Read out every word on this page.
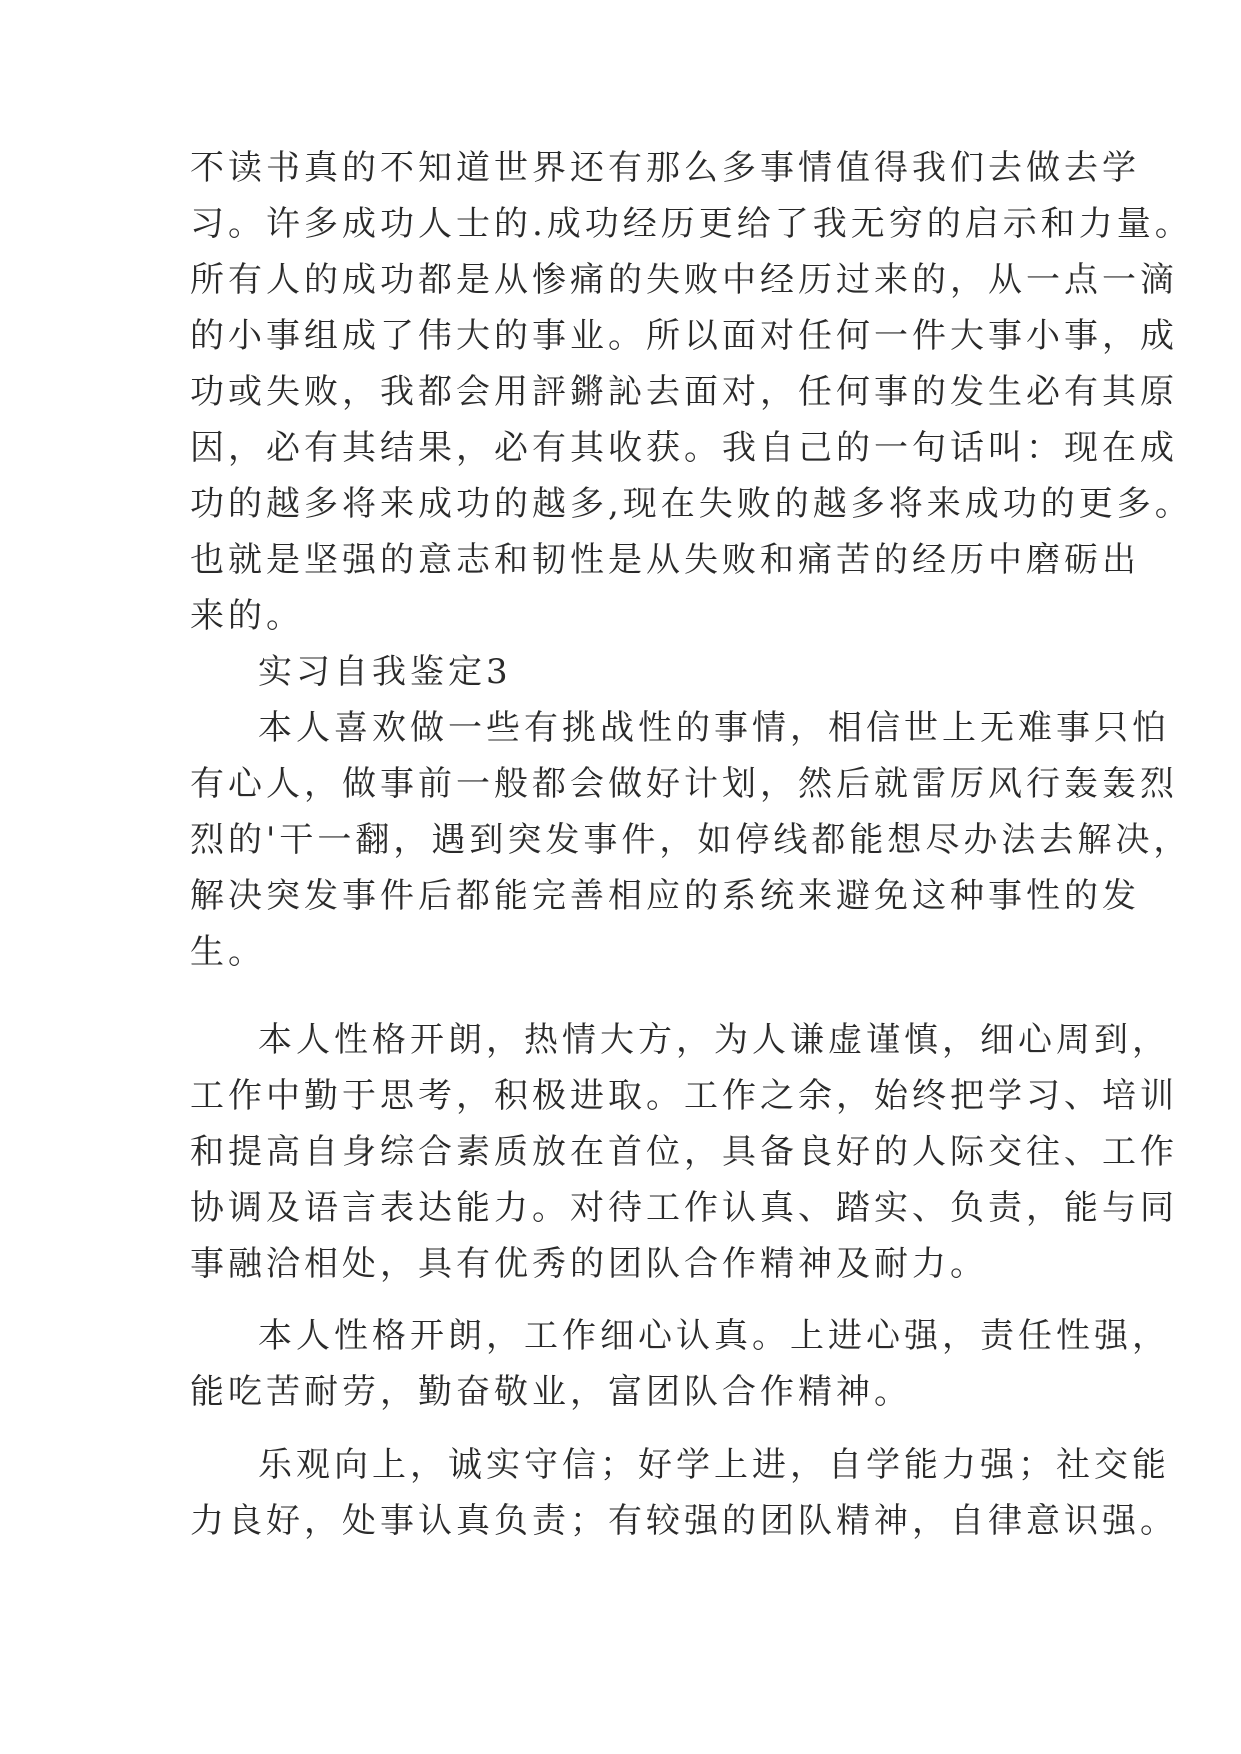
不读书真的不知道世界还有那么多事情值得我们去做去学

习。许多成功人士的.成功经历更给了我无穷的启示和力量。

所有人的成功都是从惨痛的失败中经历过来的，从一点一滴

的小事组成了伟大的事业。所以面对任何一件大事小事，成

功或失败，我都会用評鏘訫去面对，任何事的发生必有其原

因，必有其结果，必有其收获。我自己的一句话叫：现在成

功的越多将来成功的越多,现在失败的越多将来成功的更多。

也就是坚强的意志和韧性是从失败和痛苦的经历中磨砺出

来的。

实习自我鉴定3

本人喜欢做一些有挑战性的事情，相信世上无难事只怕

有心人，做事前一般都会做好计划，然后就雷厉风行轰轰烈

烈的'干一翻，遇到突发事件，如停线都能想尽办法去解决，

解决突发事件后都能完善相应的系统来避免这种事性的发

生。

本人性格开朗，热情大方，为人谦虚谨慎，细心周到，

工作中勤于思考，积极进取。工作之余，始终把学习、培训

和提高自身综合素质放在首位，具备良好的人际交往、工作

协调及语言表达能力。对待工作认真、踏实、负责，能与同

事融洽相处，具有优秀的团队合作精神及耐力。

本人性格开朗，工作细心认真。上进心强，责任性强，

能吃苦耐劳，勤奋敬业，富团队合作精神。

乐观向上，诚实守信；好学上进，自学能力强；社交能

力良好，处事认真负责；有较强的团队精神，自律意识强。
